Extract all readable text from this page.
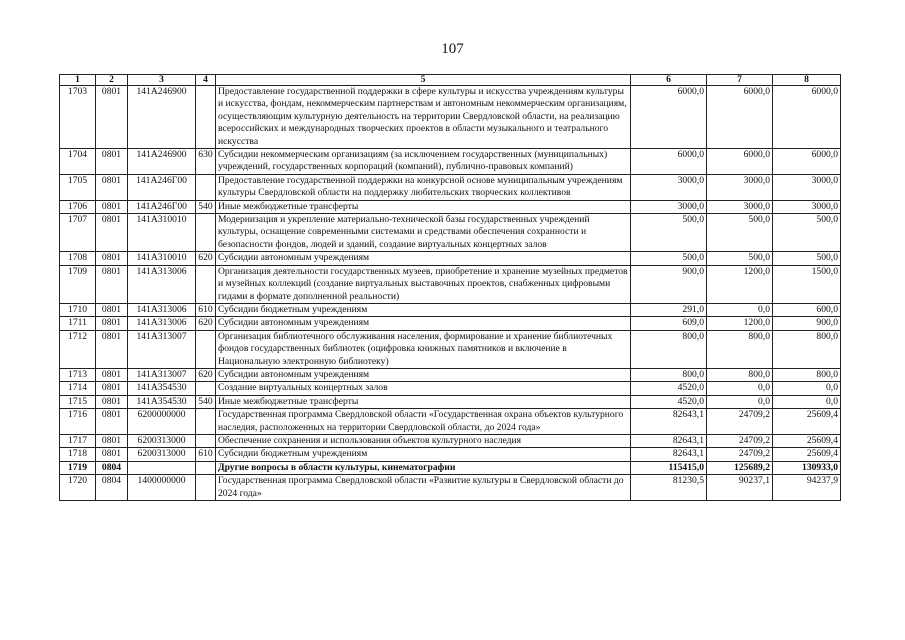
107
1	2	3	4	5	6	7	8
1703	0801	141A246900		Предоставление государственной поддержки в сфере культуры и искусства учреждениям культуры и искусства, фондам, некоммерческим партнерствам и автономным некоммерческим организациям, осуществляющим культурную деятельность на территории Свердловской области, на реализацию всероссийских и международных творческих проектов в области музыкального и театрального искусства	6000,0	6000,0	6000,0
1704	0801	141A246900	630	Субсидии некоммерческим организациям (за исключением государственных (муниципальных) учреждений, государственных корпораций (компаний), публично-правовых компаний)	6000,0	6000,0	6000,0
1705	0801	141A246Г00		Предоставление государственной поддержки на конкурсной основе муниципальным учреждениям культуры Свердловской области на поддержку любительских творческих коллективов	3000,0	3000,0	3000,0
1706	0801	141A246Г00	540	Иные межбюджетные трансферты	3000,0	3000,0	3000,0
1707	0801	141A310010		Модернизация и укрепление материально-технической базы государственных учреждений культуры, оснащение современными системами и средствами обеспечения сохранности и безопасности фондов, людей и зданий, создание виртуальных концертных залов	500,0	500,0	500,0
1708	0801	141A310010	620	Субсидии автономным учреждениям	500,0	500,0	500,0
1709	0801	141A313006		Организация деятельности государственных музеев, приобретение и хранение музейных предметов и музейных коллекций (создание виртуальных выставочных проектов, снабженных цифровыми гидами в формате дополненной реальности)	900,0	1200,0	1500,0
1710	0801	141A313006	610	Субсидии бюджетным учреждениям	291,0	0,0	600,0
1711	0801	141A313006	620	Субсидии автономным учреждениям	609,0	1200,0	900,0
1712	0801	141A313007		Организация библиотечного обслуживания населения, формирование и хранение библиотечных фондов государственных библиотек (оцифровка книжных памятников и включение в Национальную электронную библиотеку)	800,0	800,0	800,0
1713	0801	141A313007	620	Субсидии автономным учреждениям	800,0	800,0	800,0
1714	0801	141A354530		Создание виртуальных концертных залов	4520,0	0,0	0,0
1715	0801	141A354530	540	Иные межбюджетные трансферты	4520,0	0,0	0,0
1716	0801	6200000000		Государственная программа Свердловской области «Государственная охрана объектов культурного наследия, расположенных на территории Свердловской области, до 2024 года»	82643,1	24709,2	25609,4
1717	0801	6200313000		Обеспечение сохранения и использования объектов культурного наследия	82643,1	24709,2	25609,4
1718	0801	6200313000	610	Субсидии бюджетным учреждениям	82643,1	24709,2	25609,4
1719	0804			Другие вопросы в области культуры, кинематографии	115415,0	125689,2	130933,0
1720	0804	1400000000		Государственная программа Свердловской области «Развитие культуры в Свердловской области до 2024 года»	81230,5	90237,1	94237,9
